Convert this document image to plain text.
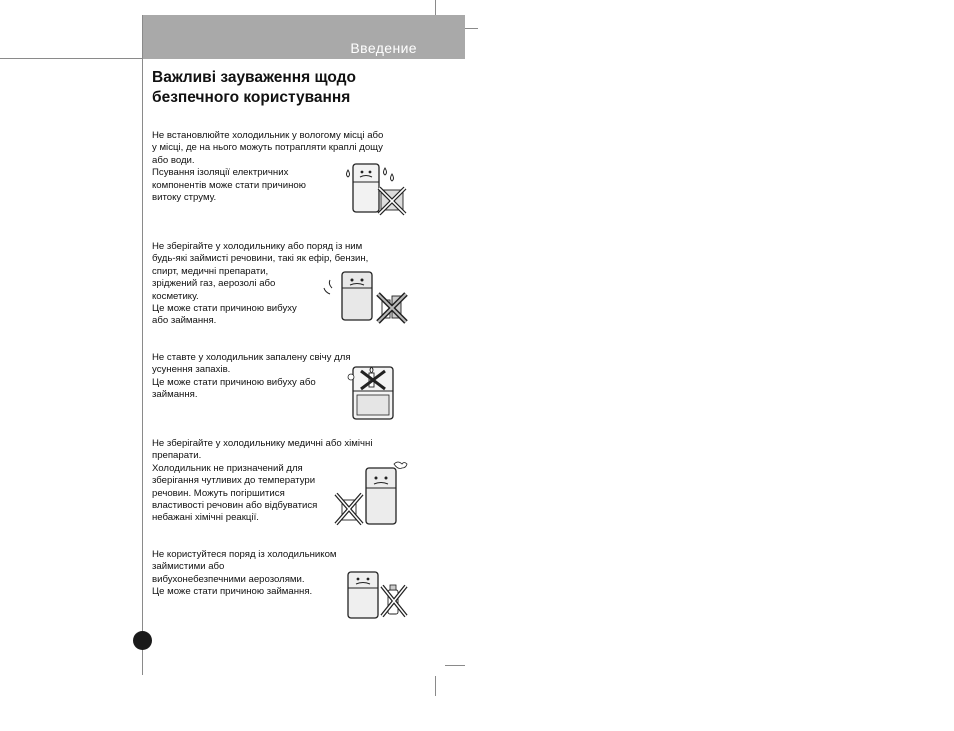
Введение
Важливі зауваження щодо
безпечного користування

Не встановлюйте холодильник у вологому місці або
у місці, де на нього можуть потрапляти краплі дощу
або води.
Псування ізоляції електричних
компонентів може стати причиною
витоку струму.

Не зберігайте у холодильнику або поряд із ним
будь-які займисті речовини, такі як ефір, бензин,
спирт, медичні препарати,
зріджений газ, аерозолі або
косметику.
Це може стати причиною вибуху
або займання.

Не ставте у холодильник запалену свічу для
усунення запахів.
Це може стати причиною вибуху або
займання.

Не зберігайте у холодильнику медичні або хімічні
препарати.
Холодильник не призначений для
зберігання чутливих до температури
речовин. Можуть погіршитися
властивості речовин або відбуватися
небажані хімічні реакції.

Не користуйтеся поряд із холодильником
займистими або
вибухонебезпечними аерозолями.
Це може стати причиною займання.
